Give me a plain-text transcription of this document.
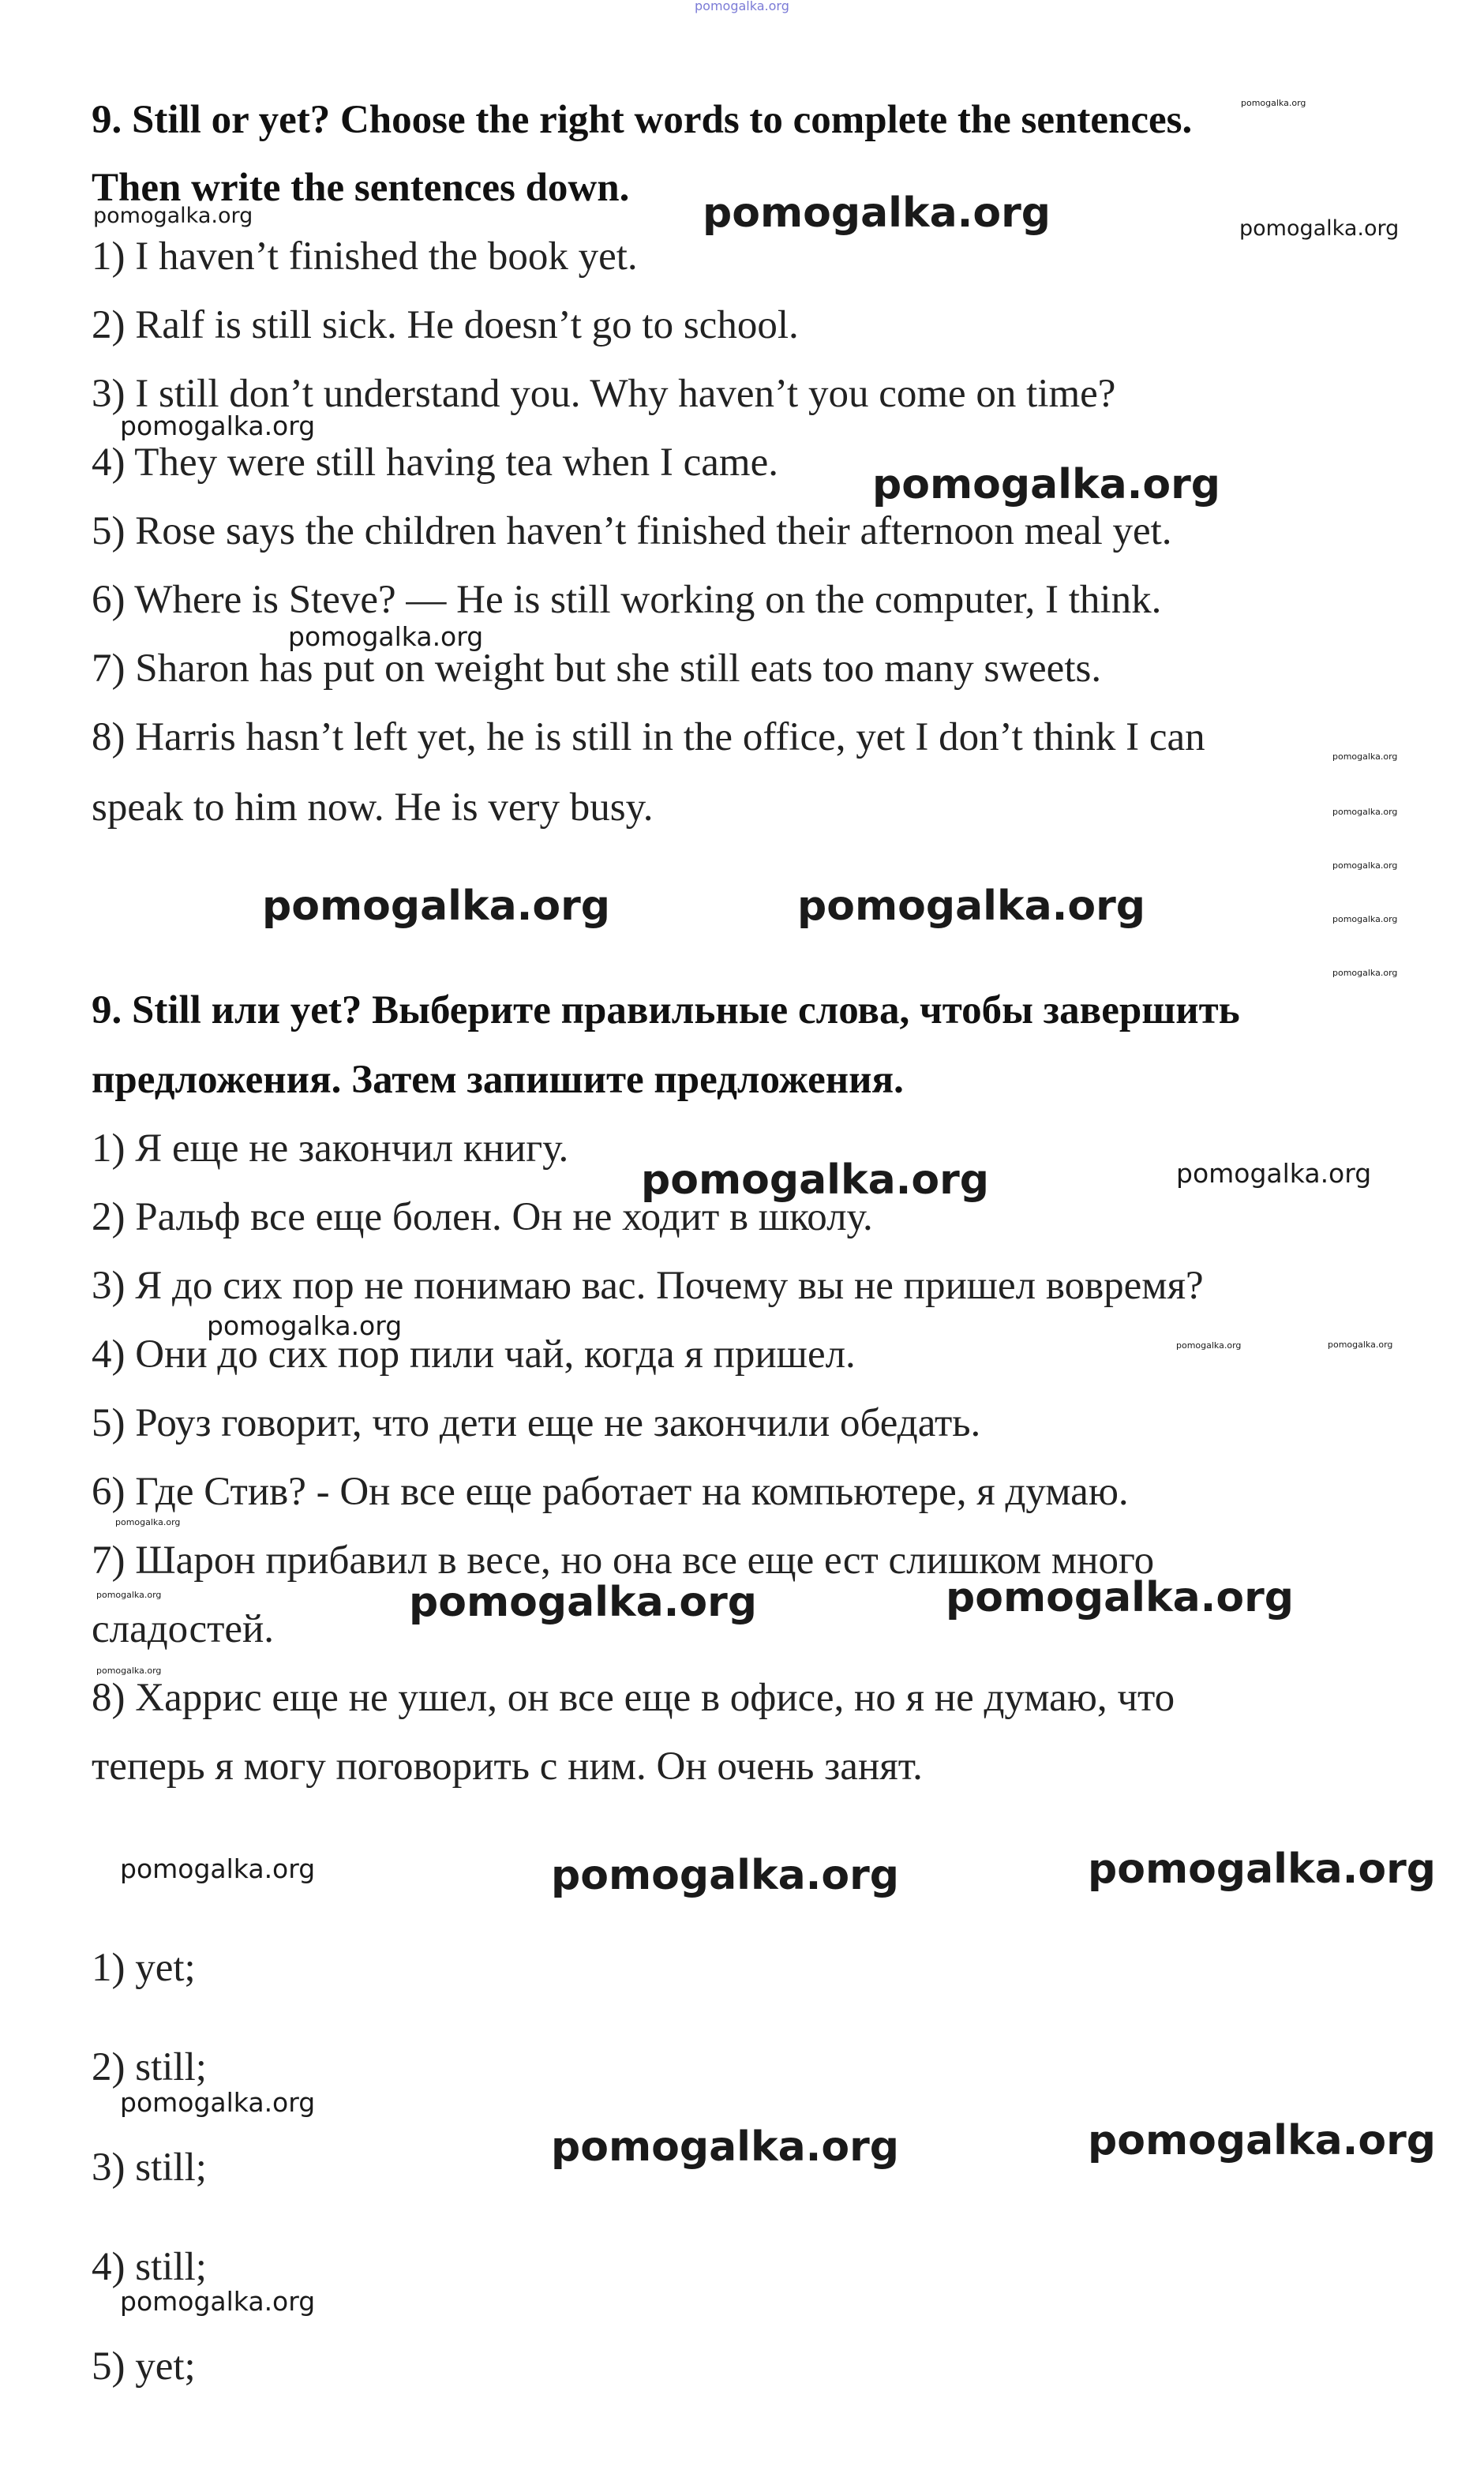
pomogalka.org
9. Still or yet? Choose the right words to complete the sentences.
Then write the sentences down.
1) I haven’t finished the book yet.
2) Ralf is still sick. He doesn’t go to school.
3) I still don’t understand you. Why haven’t you come on time?
4) They were still having tea when I came.
5) Rose says the children haven’t finished their afternoon meal yet.
6) Where is Steve? — He is still working on the computer, I think.
7) Sharon has put on weight but she still eats too many sweets.
8) Harris hasn’t left yet, he is still in the office, yet I don’t think I can
speak to him now. He is very busy.
9. Still или yet? Выберите правильные слова, чтобы завершить
предложения. Затем запишите предложения.
1) Я еще не закончил книгу.
2) Ральф все еще болен. Он не ходит в школу.
3) Я до сих пор не понимаю вас. Почему вы не пришел вовремя?
4) Они до сих пор пили чай, когда я пришел.
5) Роуз говорит, что дети еще не закончили обедать.
6) Где Стив? - Он все еще работает на компьютере, я думаю.
7) Шарон прибавил в весе, но она все еще ест слишком много
сладостей.
8) Харрис еще не ушел, он все еще в офисе, но я не думаю, что
теперь я могу поговорить с ним. Он очень занят.
1) yet;
2) still;
3) still;
4) still;
5) yet;
pomogalka.org
pomogalka.org	pomogalka.org	pomogalka.org
pomogalka.org
pomogalka.org
pomogalka.org
pomogalka.org
pomogalka.org
pomogalka.org
pomogalka.org	pomogalka.org	pomogalka.org
pomogalka.org
pomogalka.org	pomogalka.org
pomogalka.org
pomogalka.org	pomogalka.org
pomogalka.org
pomogalka.org	pomogalka.org	pomogalka.org
pomogalka.org
pomogalka.org	pomogalka.org	pomogalka.org
pomogalka.org
pomogalka.org	pomogalka.org
pomogalka.org
